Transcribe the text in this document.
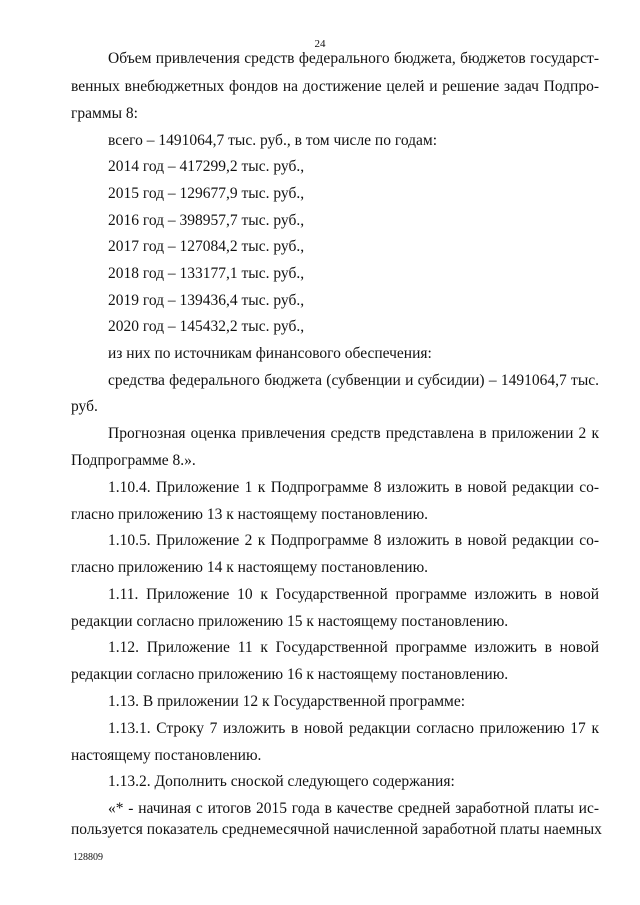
24
Объем привлечения средств федерального бюджета, бюджетов государст-
венных внебюджетных фондов на достижение целей и решение задач Подпро-
граммы 8:
всего – 1491064,7 тыс. руб., в том числе по годам:
2014 год – 417299,2 тыс. руб.,
2015 год – 129677,9 тыс. руб.,
2016 год – 398957,7 тыс. руб.,
2017 год – 127084,2 тыс. руб.,
2018 год – 133177,1 тыс. руб.,
2019 год – 139436,4 тыс. руб.,
2020 год – 145432,2 тыс. руб.,
из них по источникам финансового обеспечения:
средства федерального бюджета (субвенции и субсидии) – 1491064,7 тыс.
руб.
Прогнозная оценка привлечения средств представлена в приложении 2 к
Подпрограмме 8.».
1.10.4. Приложение 1 к Подпрограмме 8 изложить в новой редакции со-
гласно приложению 13 к настоящему постановлению.
1.10.5. Приложение 2 к Подпрограмме 8 изложить в новой редакции со-
гласно приложению 14 к настоящему постановлению.
1.11. Приложение 10 к Государственной программе изложить в новой
редакции согласно приложению 15 к настоящему постановлению.
1.12. Приложение 11 к Государственной программе изложить в новой
редакции согласно приложению 16 к настоящему постановлению.
1.13. В приложении 12 к Государственной программе:
1.13.1. Строку 7 изложить в новой редакции согласно приложению 17 к
настоящему постановлению.
1.13.2. Дополнить сноской следующего содержания:
«* - начиная с итогов 2015 года в качестве средней заработной платы ис-
пользуется показатель среднемесячной начисленной заработной платы наемных
128809
